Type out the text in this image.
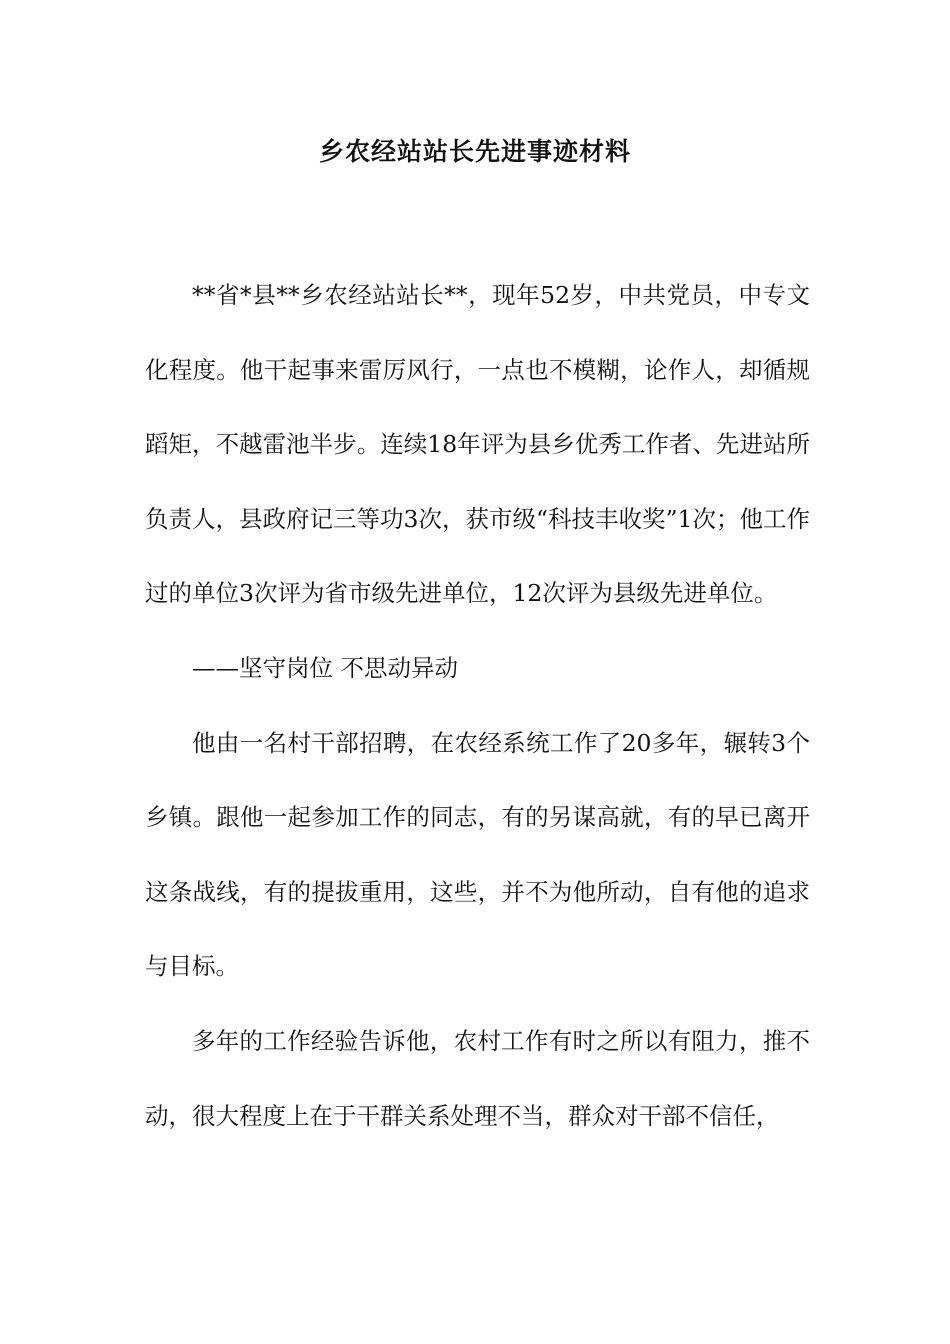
乡农经站站长先进事迹材料

**省*县**乡农经站站长**，现年52岁，中共党员，中专文化程度。他干起事来雷厉风行，一点也不模糊，论作人，却循规蹈矩，不越雷池半步。连续18年评为县乡优秀工作者、先进站所负责人，县政府记三等功3次，获市级“科技丰收奖”1次；他工作过的单位3次评为省市级先进单位，12次评为县级先进单位。

——坚守岗位 不思动异动

他由一名村干部招聘，在农经系统工作了20多年，辗转3个乡镇。跟他一起参加工作的同志，有的另谋高就，有的早已离开这条战线，有的提拔重用，这些，并不为他所动，自有他的追求与目标。

多年的工作经验告诉他，农村工作有时之所以有阻力，推不动，很大程度上在于干群关系处理不当，群众对干部不信任，
